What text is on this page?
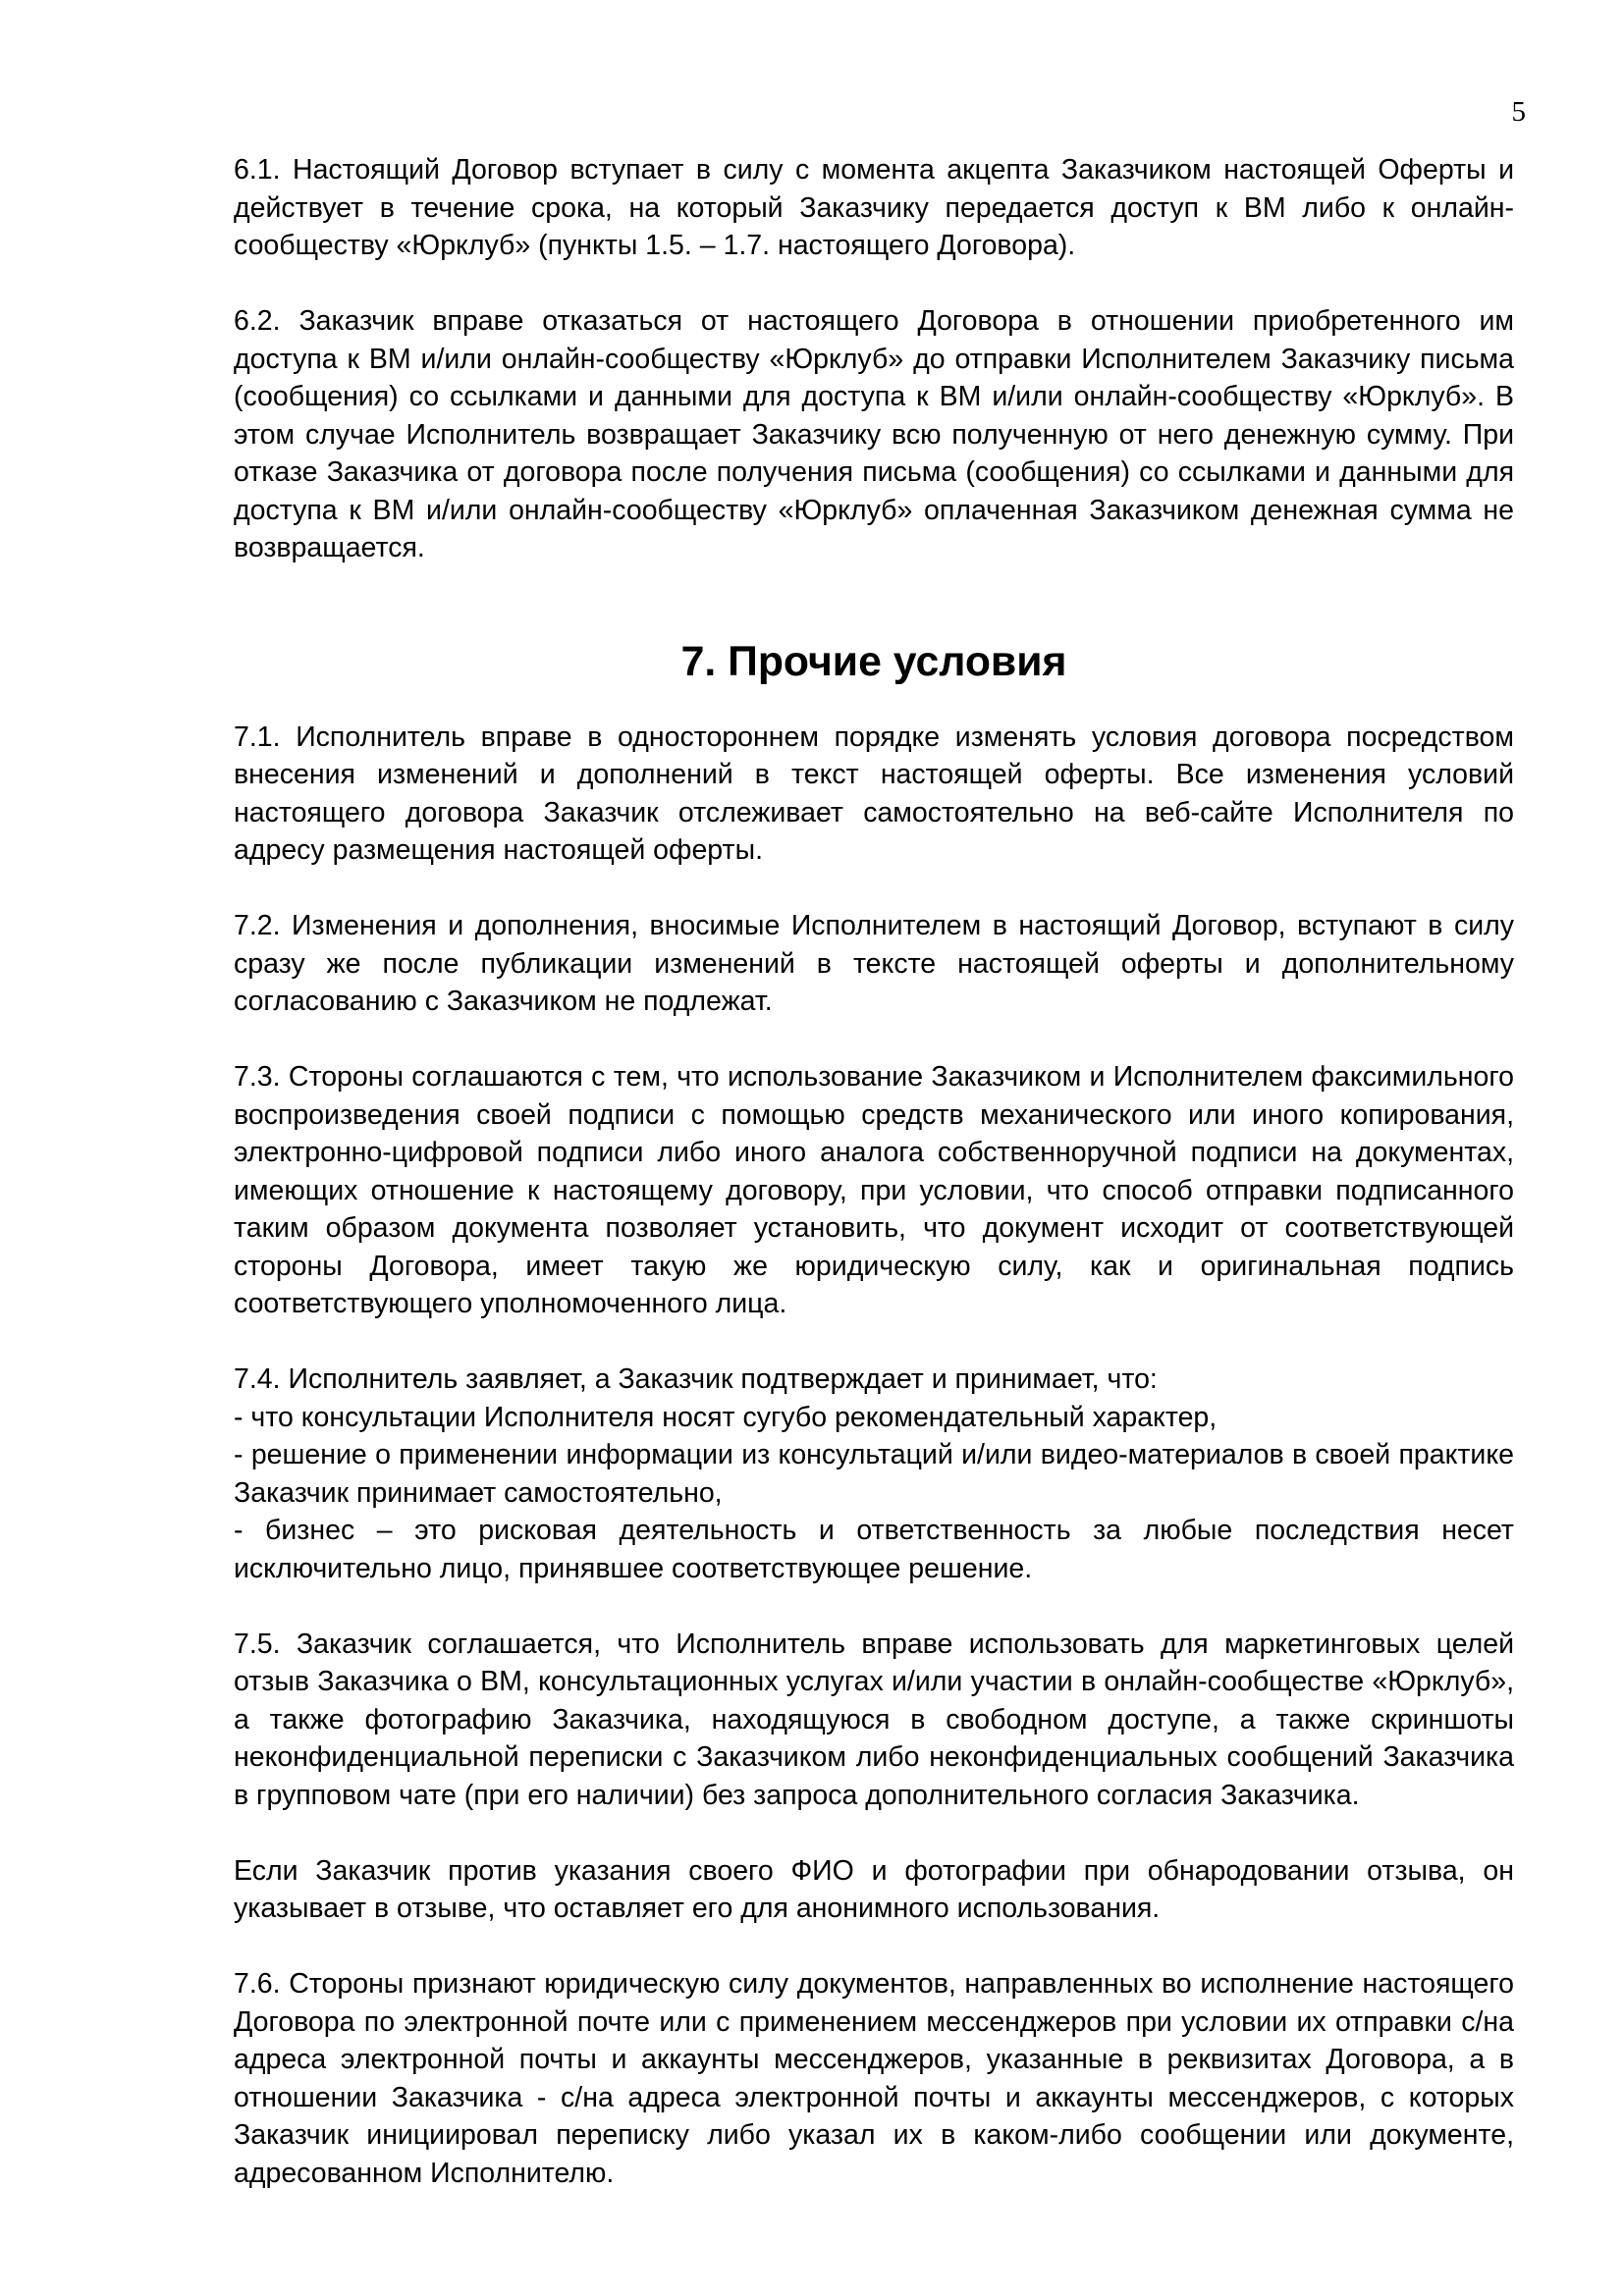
5

6.1. Настоящий Договор вступает в силу с момента акцепта Заказчиком настоящей Оферты и действует в течение срока, на который Заказчику передается доступ к ВМ либо к онлайн-сообществу «Юрклуб» (пункты 1.5. – 1.7. настоящего Договора).

6.2. Заказчик вправе отказаться от настоящего Договора в отношении приобретенного им доступа к ВМ и/или онлайн-сообществу «Юрклуб» до отправки Исполнителем Заказчику письма (сообщения) со ссылками и данными для доступа к ВМ и/или онлайн-сообществу «Юрклуб». В этом случае Исполнитель возвращает Заказчику всю полученную от него денежную сумму. При отказе Заказчика от договора после получения письма (сообщения) со ссылками и данными для доступа к ВМ и/или онлайн-сообществу «Юрклуб» оплаченная Заказчиком денежная сумма не возвращается.

7. Прочие условия

7.1. Исполнитель вправе в одностороннем порядке изменять условия договора посредством внесения изменений и дополнений в текст настоящей оферты. Все изменения условий настоящего договора Заказчик отслеживает самостоятельно на веб-сайте Исполнителя по адресу размещения настоящей оферты.

7.2. Изменения и дополнения, вносимые Исполнителем в настоящий Договор, вступают в силу сразу же после публикации изменений в тексте настоящей оферты и дополнительному согласованию с Заказчиком не подлежат.

7.3. Стороны соглашаются с тем, что использование Заказчиком и Исполнителем факсимильного воспроизведения своей подписи с помощью средств механического или иного копирования, электронно-цифровой подписи либо иного аналога собственноручной подписи на документах, имеющих отношение к настоящему договору, при условии, что способ отправки подписанного таким образом документа позволяет установить, что документ исходит от соответствующей стороны Договора, имеет такую же юридическую силу, как и оригинальная подпись соответствующего уполномоченного лица.

7.4. Исполнитель заявляет, а Заказчик подтверждает и принимает, что:
- что консультации Исполнителя носят сугубо рекомендательный характер,
- решение о применении информации из консультаций и/или видео-материалов в своей практике Заказчик принимает самостоятельно,
- бизнес – это рисковая деятельность и ответственность за любые последствия несет исключительно лицо, принявшее соответствующее решение.

7.5. Заказчик соглашается, что Исполнитель вправе использовать для маркетинговых целей отзыв Заказчика о ВМ, консультационных услугах и/или участии в онлайн-сообществе «Юрклуб», а также фотографию Заказчика, находящуюся в свободном доступе, а также скриншоты неконфиденциальной переписки с Заказчиком либо неконфиденциальных сообщений Заказчика в групповом чате (при его наличии) без запроса дополнительного согласия Заказчика.

Если Заказчик против указания своего ФИО и фотографии при обнародовании отзыва, он указывает в отзыве, что оставляет его для анонимного использования.

7.6. Стороны признают юридическую силу документов, направленных во исполнение настоящего Договора по электронной почте или с применением мессенджеров при условии их отправки с/на адреса электронной почты и аккаунты мессенджеров, указанные в реквизитах Договора, а в отношении Заказчика - с/на адреса электронной почты и аккаунты мессенджеров, с которых Заказчик инициировал переписку либо указал их в каком-либо сообщении или документе, адресованном Исполнителю.
